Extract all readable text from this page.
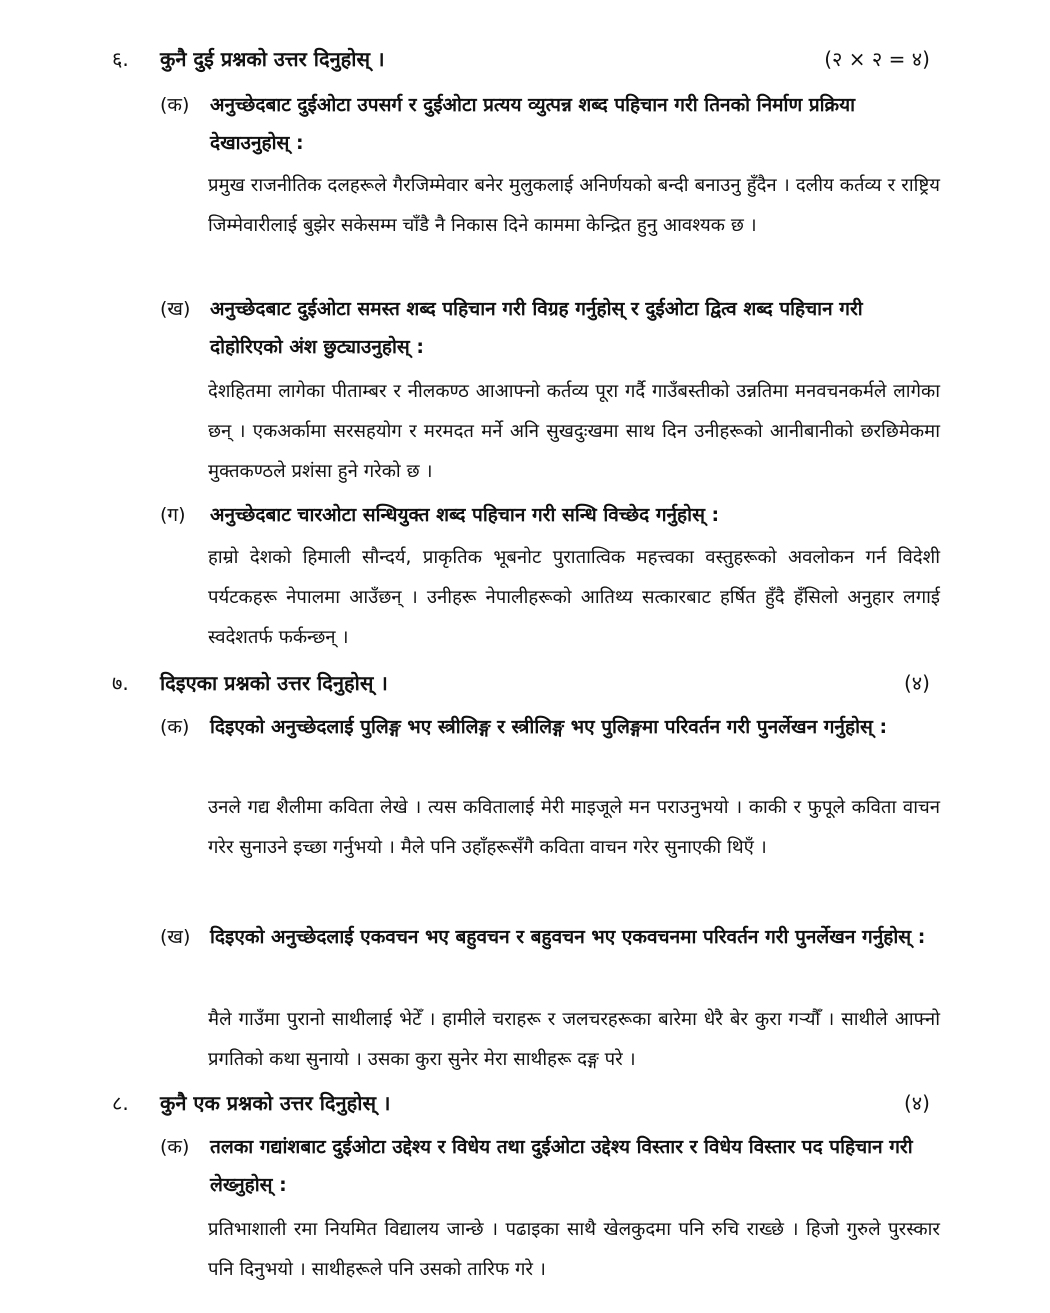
६. कुनै दुई प्रश्नको उत्तर दिनुहोस् ।	(२ × २ = ४)
(क) अनुच्छेदबाट दुईओटा उपसर्ग र दुईओटा प्रत्यय व्युत्पन्न शब्द पहिचान गरी तिनको निर्माण प्रक्रिया देखाउनुहोस् :
प्रमुख राजनीतिक दलहरूले गैरजिम्मेवार बनेर मुलुकलाई अनिर्णयको बन्दी बनाउनु हुँदैन । दलीय कर्तव्य र राष्ट्रिय जिम्मेवारीलाई बुझेर सकेसम्म चाँडै नै निकास दिने काममा केन्द्रित हुनु आवश्यक छ ।
(ख) अनुच्छेदबाट दुईओटा समस्त शब्द पहिचान गरी विग्रह गर्नुहोस् र दुईओटा द्वित्व शब्द पहिचान गरी दोहोरिएको अंश छुट्याउनुहोस् :
देशहितमा लागेका पीताम्बर र नीलकण्ठ आआफ्नो कर्तव्य पूरा गर्दै गाउँबस्तीको उन्नतिमा मनवचनकर्मले लागेका छन् । एकअर्कामा सरसहयोग र मरमदत मर्ने अनि सुखदुःखमा साथ दिन उनीहरूको आनीबानीको छरछिमेकमा मुक्तकण्ठले प्रशंसा हुने गरेको छ ।
(ग) अनुच्छेदबाट चारओटा सन्धियुक्त शब्द पहिचान गरी सन्धि विच्छेद गर्नुहोस् :
हाम्रो देशको हिमाली सौन्दर्य, प्राकृतिक भूबनोट पुरातात्विक महत्त्वका वस्तुहरूको अवलोकन गर्न विदेशी पर्यटकहरू नेपालमा आउँछन् । उनीहरू नेपालीहरूको आतिथ्य सत्कारबाट हर्षित हुँदै हँसिलो अनुहार लगाई स्वदेशतर्फ फर्कन्छन् ।
७. दिइएका प्रश्नको उत्तर दिनुहोस् ।	(४)
(क) दिइएको अनुच्छेदलाई पुलिङ्ग भए स्त्रीलिङ्ग र स्त्रीलिङ्ग भए पुलिङ्गमा परिवर्तन गरी पुनर्लेखन गर्नुहोस् :
उनले गद्य शैलीमा कविता लेखे । त्यस कवितालाई मेरी माइजूले मन पराउनुभयो । काकी र फुपूले कविता वाचन गरेर सुनाउने इच्छा गर्नुभयो । मैले पनि उहाँहरूसँगै कविता वाचन गरेर सुनाएकी थिएँ ।
(ख) दिइएको अनुच्छेदलाई एकवचन भए बहुवचन र बहुवचन भए एकवचनमा परिवर्तन गरी पुनर्लेखन गर्नुहोस् :
मैले गाउँमा पुरानो साथीलाई भेटेँ । हामीले चराहरू र जलचरहरूका बारेमा धेरै बेर कुरा गर्‍यौँ । साथीले आफ्नो प्रगतिको कथा सुनायो । उसका कुरा सुनेर मेरा साथीहरू दङ्ग परे ।
८. कुनै एक प्रश्नको उत्तर दिनुहोस् ।	(४)
(क) तलका गद्यांशबाट दुईओटा उद्देश्य र विधेय तथा दुईओटा उद्देश्य विस्तार र विधेय विस्तार पद पहिचान गरी लेख्नुहोस् :
प्रतिभाशाली रमा नियमित विद्यालय जान्छे । पढाइका साथै खेलकुदमा पनि रुचि राख्छे । हिजो गुरुले पुरस्कार पनि दिनुभयो । साथीहरूले पनि उसको तारिफ गरे ।
